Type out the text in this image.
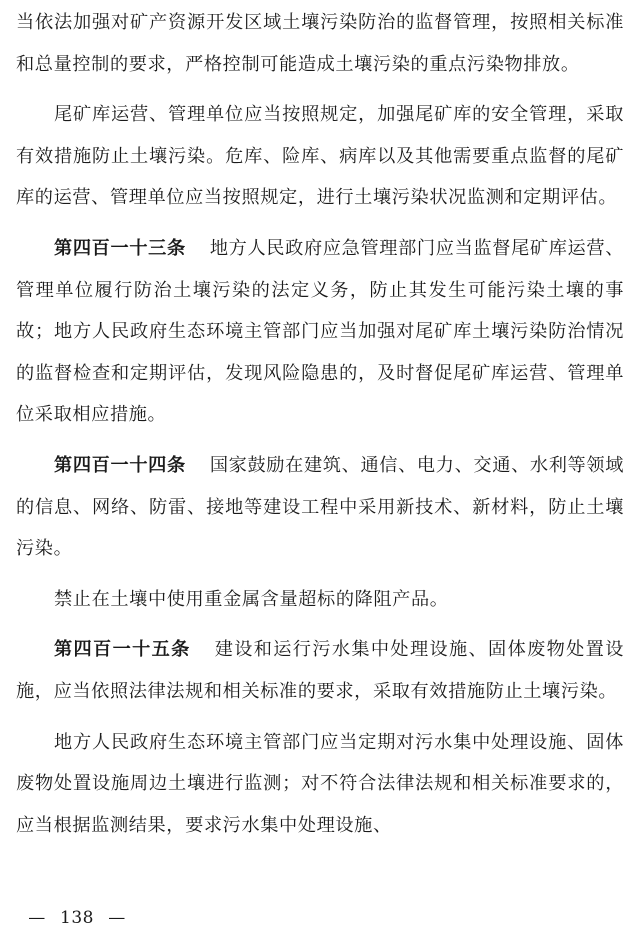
当依法加强对矿产资源开发区域土壤污染防治的监督管理，按照相关标准和总量控制的要求，严格控制可能造成土壤污染的重点污染物排放。

尾矿库运营、管理单位应当按照规定，加强尾矿库的安全管理，采取有效措施防止土壤污染。危库、险库、病库以及其他需要重点监督的尾矿库的运营、管理单位应当按照规定，进行土壤污染状况监测和定期评估。

第四百一十三条 地方人民政府应急管理部门应当监督尾矿库运营、管理单位履行防治土壤污染的法定义务，防止其发生可能污染土壤的事故；地方人民政府生态环境主管部门应当加强对尾矿库土壤污染防治情况的监督检查和定期评估，发现风险隐患的，及时督促尾矿库运营、管理单位采取相应措施。

第四百一十四条 国家鼓励在建筑、通信、电力、交通、水利等领域的信息、网络、防雷、接地等建设工程中采用新技术、新材料，防止土壤污染。

禁止在土壤中使用重金属含量超标的降阻产品。

第四百一十五条 建设和运行污水集中处理设施、固体废物处置设施，应当依照法律法规和相关标准的要求，采取有效措施防止土壤污染。

地方人民政府生态环境主管部门应当定期对污水集中处理设施、固体废物处置设施周边土壤进行监测；对不符合法律法规和相关标准要求的，应当根据监测结果，要求污水集中处理设施、

— 138 —
